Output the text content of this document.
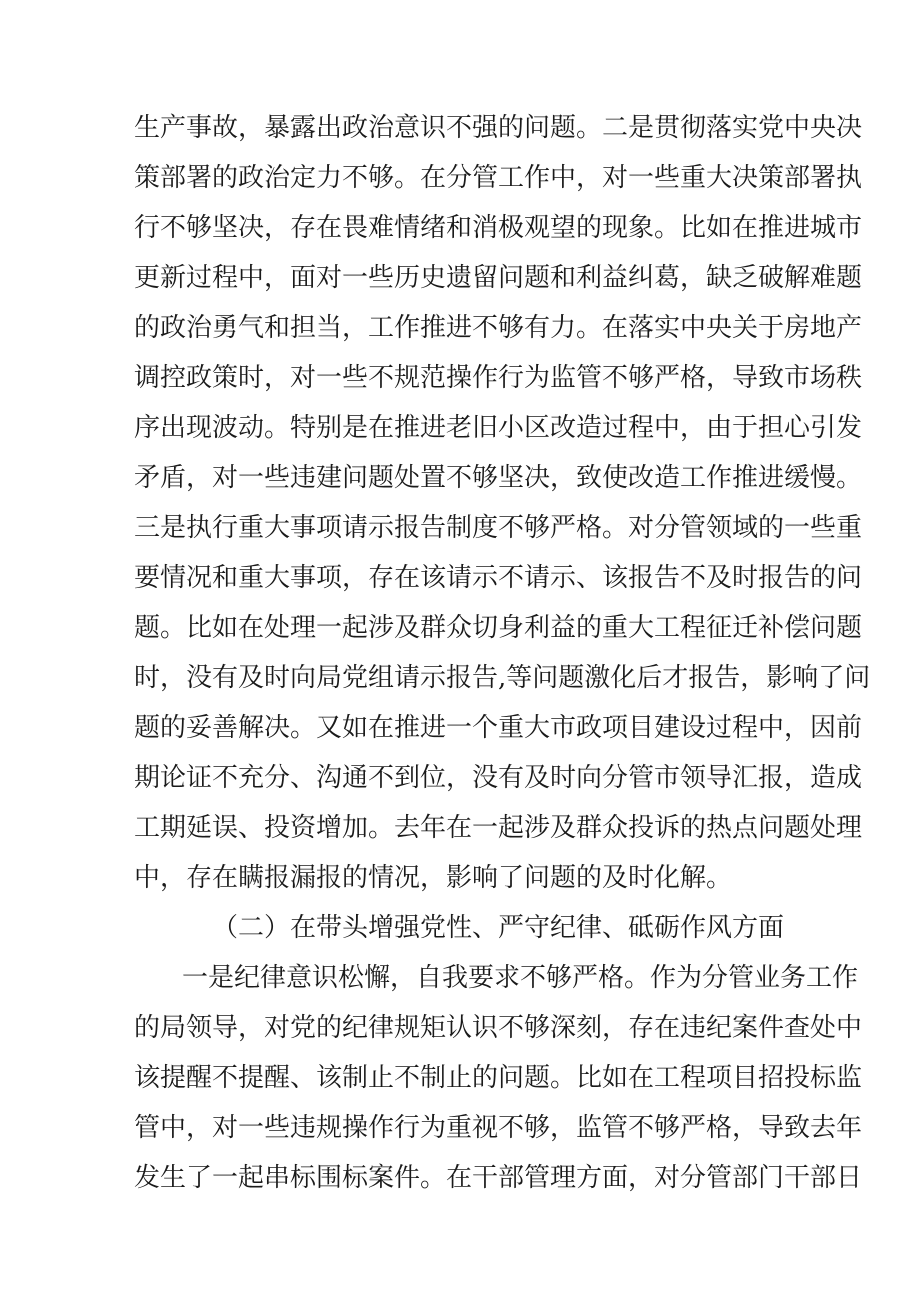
生产事故，暴露出政治意识不强的问题。二是贯彻落实党中央决
策部署的政治定力不够。在分管工作中，对一些重大决策部署执
行不够坚决，存在畏难情绪和消极观望的现象。比如在推进城市
更新过程中，面对一些历史遗留问题和利益纠葛，缺乏破解难题
的政治勇气和担当，工作推进不够有力。在落实中央关于房地产
调控政策时，对一些不规范操作行为监管不够严格，导致市场秩
序出现波动。特别是在推进老旧小区改造过程中，由于担心引发
矛盾，对一些违建问题处置不够坚决，致使改造工作推进缓慢。
三是执行重大事项请示报告制度不够严格。对分管领域的一些重
要情况和重大事项，存在该请示不请示、该报告不及时报告的问
题。比如在处理一起涉及群众切身利益的重大工程征迁补偿问题
时，没有及时向局党组请示报告,等问题激化后才报告，影响了问
题的妥善解决。又如在推进一个重大市政项目建设过程中，因前
期论证不充分、沟通不到位，没有及时向分管市领导汇报，造成
工期延误、投资增加。去年在一起涉及群众投诉的热点问题处理
中，存在瞒报漏报的情况，影响了问题的及时化解。
（二）在带头增强党性、严守纪律、砥砺作风方面
一是纪律意识松懈，自我要求不够严格。作为分管业务工作
的局领导，对党的纪律规矩认识不够深刻，存在违纪案件查处中
该提醒不提醒、该制止不制止的问题。比如在工程项目招投标监
管中，对一些违规操作行为重视不够，监管不够严格，导致去年
发生了一起串标围标案件。在干部管理方面，对分管部门干部日
